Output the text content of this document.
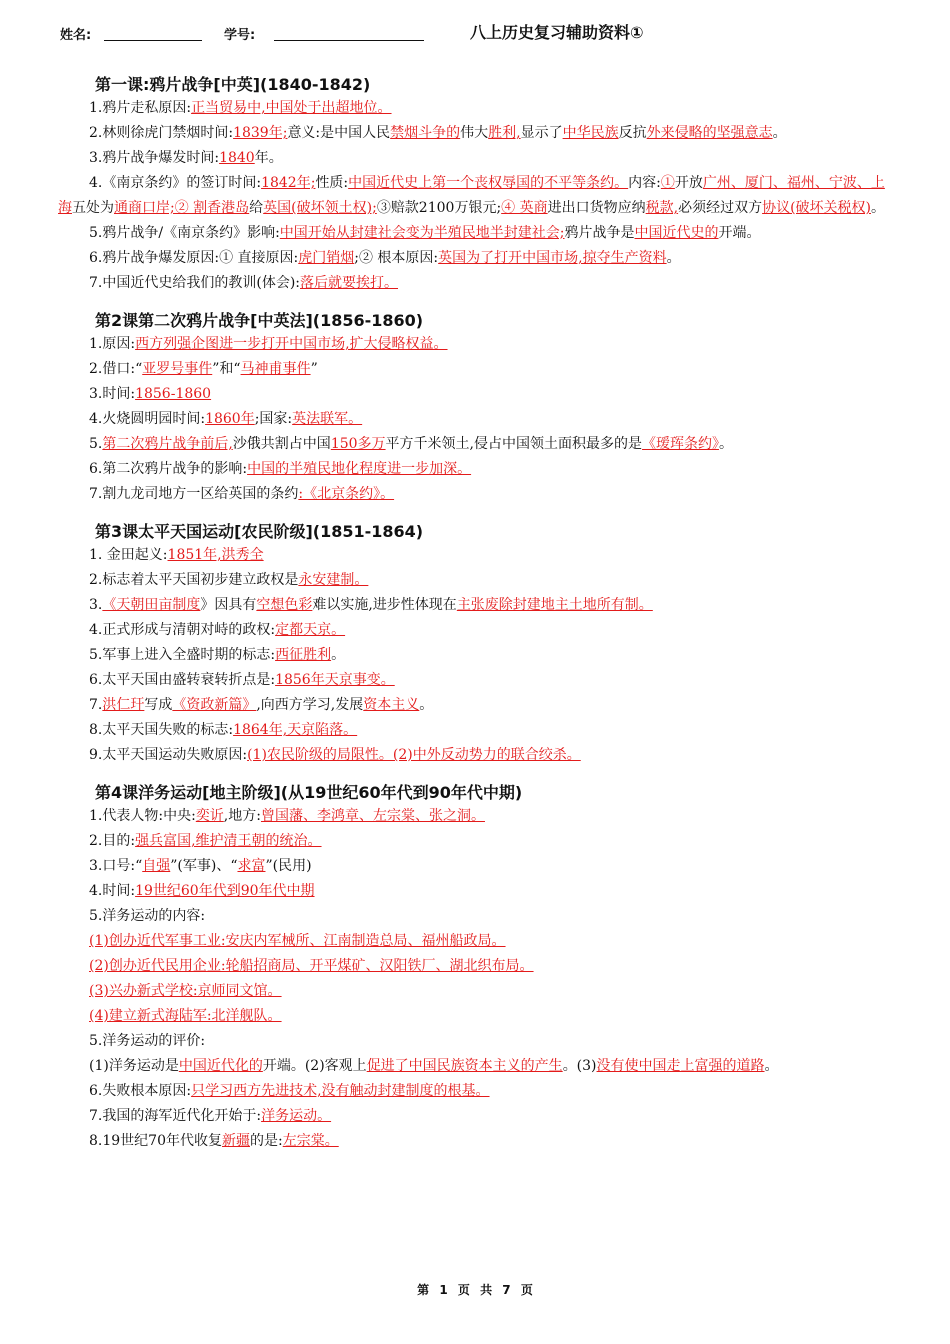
姓名:	学号:	八上历史复习辅助资料①
第一课:鸦片战争[中英](1840-1842)
1.鸦片走私原因:正当贸易中,中国处于出超地位。
2.林则徐虎门禁烟时间:1839年;意义:是中国人民禁烟斗争的伟大胜利,显示了中华民族反抗外来侵略的坚强意志。
3.鸦片战争爆发时间:1840年。
4.《南京条约》的签订时间:1842年;性质:中国近代史上第一个丧权辱国的不平等条约。内容:①开放广州、厦门、福州、宁波、上海五处为通商口岸;② 割香港岛给英国(破坏领土权);③赔款2100万银元;④ 英商进出口货物应纳税款,必须经过双方协议(破坏关税权)。
5.鸦片战争/《南京条约》影响:中国开始从封建社会变为半殖民地半封建社会;鸦片战争是中国近代史的开端。
6.鸦片战争爆发原因:① 直接原因:虎门销烟;② 根本原因:英国为了打开中国市场,掠夺生产资料。
7.中国近代史给我们的教训(体会):落后就要挨打。
第2课第二次鸦片战争[中英法](1856-1860)
1.原因:西方列强企图进一步打开中国市场,扩大侵略权益。
2.借口:“亚罗号事件”和“马神甫事件”
3.时间:1856-1860
4.火烧圆明园时间:1860年;国家:英法联军。
5.第二次鸦片战争前后,沙俄共割占中国150多万平方千米领土,侵占中国领土面积最多的是《瑷珲条约》。
6.第二次鸦片战争的影响:中国的半殖民地化程度进一步加深。
7.割九龙司地方一区给英国的条约:《北京条约》。
第3课太平天国运动[农民阶级](1851-1864)
1. 金田起义:1851年,洪秀全
2.标志着太平天国初步建立政权是永安建制。
3.《天朝田亩制度》因具有空想色彩难以实施,进步性体现在主张废除封建地主土地所有制。
4.正式形成与清朝对峙的政权:定都天京。
5.军事上进入全盛时期的标志:西征胜利。
6.太平天国由盛转衰转折点是:1856年天京事变。
7.洪仁玕写成《资政新篇》,向西方学习,发展资本主义。
8.太平天国失败的标志:1864年,天京陷落。
9.太平天国运动失败原因:(1)农民阶级的局限性。(2)中外反动势力的联合绞杀。
第4课洋务运动[地主阶级](从19世纪60年代到90年代中期)
1.代表人物:中央:奕䜣,地方:曾国藩、李鸿章、左宗棠、张之洞。
2.目的:强兵富国,维护清王朝的统治。
3.口号:“自强”(军事)、“求富”(民用)
4.时间:19世纪60年代到90年代中期
5.洋务运动的内容:
(1)创办近代军事工业:安庆内军械所、江南制造总局、福州船政局。
(2)创办近代民用企业:轮船招商局、开平煤矿、汉阳铁厂、湖北织布局。
(3)兴办新式学校:京师同文馆。
(4)建立新式海陆军:北洋舰队。
5.洋务运动的评价:
(1)洋务运动是中国近代化的开端。(2)客观上促进了中国民族资本主义的产生。(3)没有使中国走上富强的道路。
6.失败根本原因:只学习西方先进技术,没有触动封建制度的根基。
7.我国的海军近代化开始于:洋务运动。
8.19世纪70年代收复新疆的是:左宗棠。
第 1 页 共 7 页
